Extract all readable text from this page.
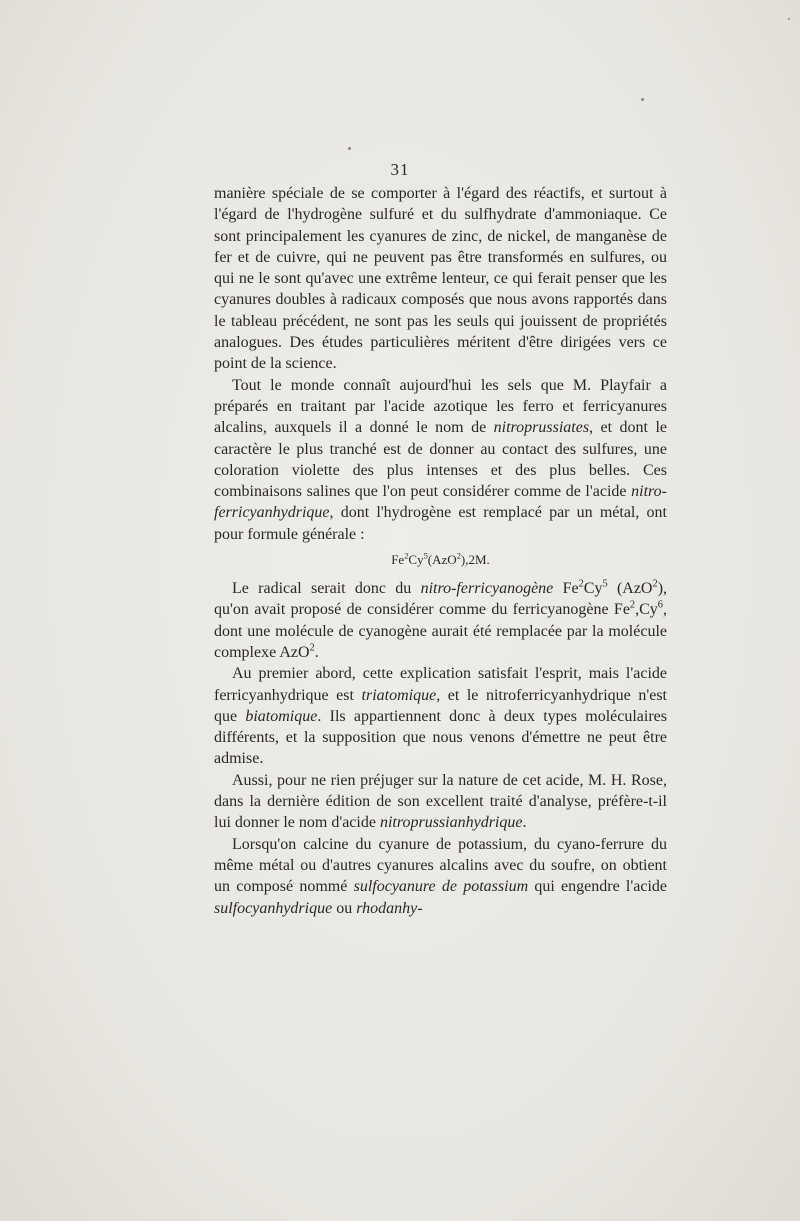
31

manière spéciale de se comporter à l'égard des réactifs, et surtout à l'égard de l'hydrogène sulfuré et du sulfhydrate d'ammoniaque. Ce sont principalement les cyanures de zinc, de nickel, de manganèse de fer et de cuivre, qui ne peuvent pas être transformés en sulfures, ou qui ne le sont qu'avec une extrême lenteur, ce qui ferait penser que les cyanures doubles à radicaux composés que nous avons rapportés dans le tableau précédent, ne sont pas les seuls qui jouissent de propriétés analogues. Des études particulières méritent d'être dirigées vers ce point de la science.

Tout le monde connaît aujourd'hui les sels que M. Playfair a préparés en traitant par l'acide azotique les ferro et ferricyanures alcalins, auxquels il a donné le nom de nitroprussiates, et dont le caractère le plus tranché est de donner au contact des sulfures, une coloration violette des plus intenses et des plus belles. Ces combinaisons salines que l'on peut considérer comme de l'acide nitro-ferricyanhydrique, dont l'hydrogène est remplacé par un métal, ont pour formule générale :

Fe$^2$Cy$^5$(AzO$^2$),2M.

Le radical serait donc du nitro-ferricyanogène Fe$^2$Cy$^5$ (AzO$^2$), qu'on avait proposé de considérer comme du ferricyanogène Fe$^2$,Cy$^6$, dont une molécule de cyanogène aurait été remplacée par la molécule complexe AzO$^2$.

Au premier abord, cette explication satisfait l'esprit, mais l'acide ferricyanhydrique est triatomique, et le nitroferricyanhydrique n'est que biatomique. Ils appartiennent donc à deux types moléculaires différents, et la supposition que nous venons d'émettre ne peut être admise.

Aussi, pour ne rien préjuger sur la nature de cet acide, M. H. Rose, dans la dernière édition de son excellent traité d'analyse, préfère-t-il lui donner le nom d'acide nitroprussianhydrique.

Lorsqu'on calcine du cyanure de potassium, du cyano-ferrure du même métal ou d'autres cyanures alcalins avec du soufre, on obtient un composé nommé sulfocyanure de potassium qui engendre l'acide sulfocyanhydrique ou rhodanhy-
